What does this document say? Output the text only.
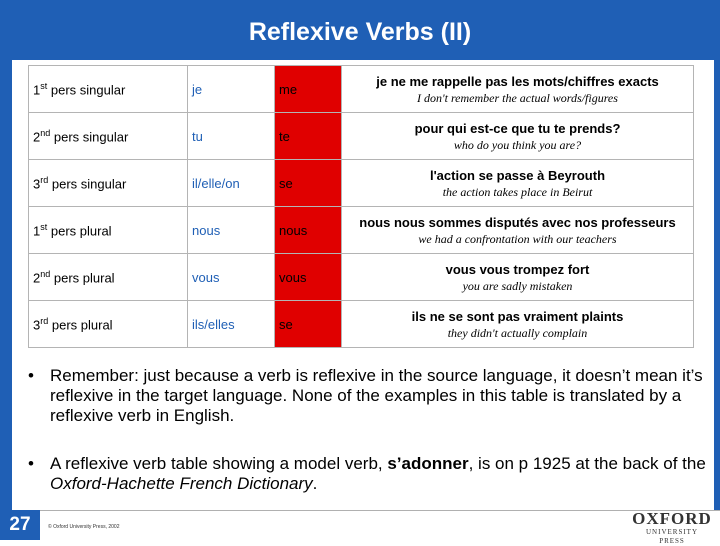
Reflexive Verbs (II)
1st pers singular	je	me	je ne me rappelle pas les mots/chiffres exacts
I don't remember the actual words/figures

2nd pers singular	tu	te	pour qui est-ce que tu te prends?
who do you think you are?

3rd pers singular	il/elle/on	se	l'action se passe à Beyrouth
the action takes place in Beirut

1st pers plural	nous	nous	nous nous sommes disputés avec nos professeurs
we had a confrontation with our teachers

2nd pers plural	vous	vous	vous vous trompez fort
you are sadly mistaken

3rd pers plural	ils/elles	se	ils ne se sont pas vraiment plaints
they didn't actually complain
• Remember: just because a verb is reflexive in the source language, it doesn’t mean it’s reflexive in the target language. None of the examples in this table is translated by a reflexive verb in English.
• A reflexive verb table showing a model verb, s’adonner, is on p 1925 at the back of the Oxford-Hachette French Dictionary.
27	© Oxford University Press, 2002	OXFORD
UNIVERSITY PRESS
